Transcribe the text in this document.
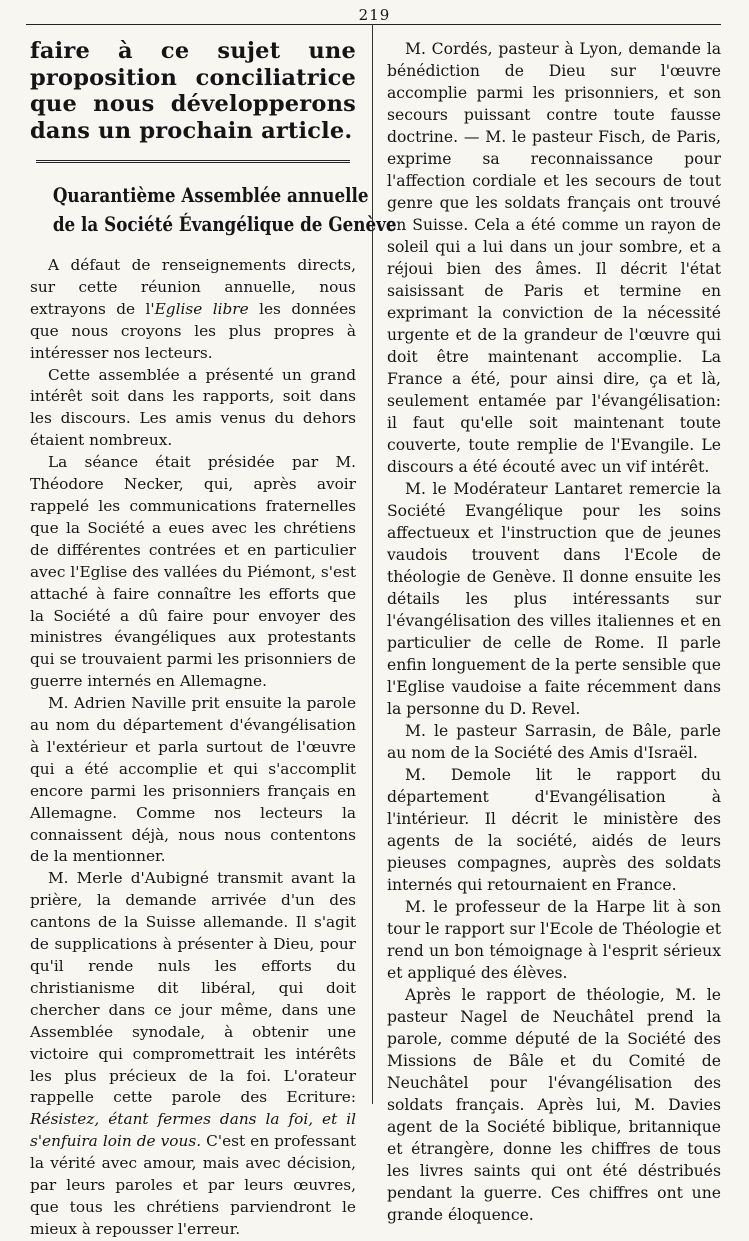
219

faire à ce sujet une proposition conciliatrice que nous développerons dans un prochain article.

Quarantième Assemblée annuelle
de la Société Évangélique de Genève

A défaut de renseignements directs, sur cette réunion annuelle, nous extrayons de l'Eglise libre les données que nous croyons les plus propres à intéresser nos lecteurs.

Cette assemblée a présenté un grand intérêt soit dans les rapports, soit dans les discours. Les amis venus du dehors étaient nombreux.

La séance était présidée par M. Théodore Necker, qui, après avoir rappelé les communications fraternelles que la Société a eues avec les chrétiens de différentes contrées et en particulier avec l'Eglise des vallées du Piémont, s'est attaché à faire connaître les efforts que la Société a dû faire pour envoyer des ministres évangéliques aux protestants qui se trouvaient parmi les prisonniers de guerre internés en Allemagne.

M. Adrien Naville prit ensuite la parole au nom du département d'évangélisation à l'extérieur et parla surtout de l'œuvre qui a été accomplie et qui s'accomplit encore parmi les prisonniers français en Allemagne. Comme nos lecteurs la connaissent déjà, nous nous contentons de la mentionner.

M. Merle d'Aubigné transmit avant la prière, la demande arrivée d'un des cantons de la Suisse allemande. Il s'agit de supplications à présenter à Dieu, pour qu'il rende nuls les efforts du christianisme dit libéral, qui doit chercher dans ce jour même, dans une Assemblée synodale, à obtenir une victoire qui compromettrait les intérêts les plus précieux de la foi. L'orateur rappelle cette parole des Ecriture: Résistez, étant fermes dans la foi, et il s'enfuira loin de vous. C'est en professant la vérité avec amour, mais avec décision, par leurs paroles et par leurs œuvres, que tous les chrétiens parviendront le mieux à repousser l'erreur.

M. Cordés, pasteur à Lyon, demande la bénédiction de Dieu sur l'œuvre accomplie parmi les prisonniers, et son secours puissant contre toute fausse doctrine. — M. le pasteur Fisch, de Paris, exprime sa reconnaissance pour l'affection cordiale et les secours de tout genre que les soldats français ont trouvé en Suisse. Cela a été comme un rayon de soleil qui a lui dans un jour sombre, et a réjoui bien des âmes. Il décrit l'état saisissant de Paris et termine en exprimant la conviction de la nécessité urgente et de la grandeur de l'œuvre qui doit être maintenant accomplie. La France a été, pour ainsi dire, ça et là, seulement entamée par l'évangélisation: il faut qu'elle soit maintenant toute couverte, toute remplie de l'Evangile. Le discours a été écouté avec un vif intérêt.

M. le Modérateur Lantaret remercie la Société Evangélique pour les soins affectueux et l'instruction que de jeunes vaudois trouvent dans l'Ecole de théologie de Genève. Il donne ensuite les détails les plus intéressants sur l'évangélisation des villes italiennes et en particulier de celle de Rome. Il parle enfin longuement de la perte sensible que l'Eglise vaudoise a faite récemment dans la personne du D. Revel.

M. le pasteur Sarrasin, de Bâle, parle au nom de la Société des Amis d'Israël.

M. Demole lit le rapport du département d'Evangélisation à l'intérieur. Il décrit le ministère des agents de la société, aidés de leurs pieuses compagnes, auprès des soldats internés qui retournaient en France.

M. le professeur de la Harpe lit à son tour le rapport sur l'Ecole de Théologie et rend un bon témoignage à l'esprit sérieux et appliqué des élèves.

Après le rapport de théologie, M. le pasteur Nagel de Neuchâtel prend la parole, comme député de la Société des Missions de Bâle et du Comité de Neuchâtel pour l'évangélisation des soldats français. Après lui, M. Davies agent de la Société biblique, britannique et étrangère, donne les chiffres de tous les livres saints qui ont été déstribués pendant la guerre. Ces chiffres ont une grande éloquence.
